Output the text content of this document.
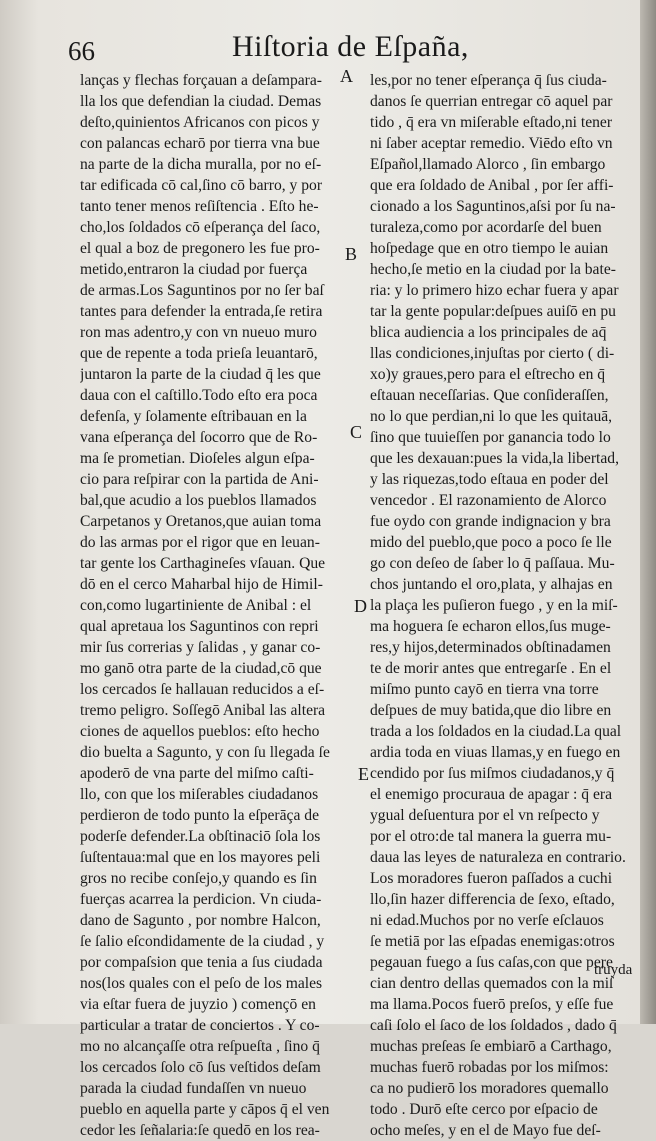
66	Hiſtoria de Eſpaña,
lanças y flechas forçauan a deſampara-
lla los que defendian la ciudad. Demas
deſto,quinientos Africanos con picos y
con palancas echarō por tierra vna bue
na parte de la dicha muralla, por no eſ-
tar edificada cō cal,ſino cō barro, y por
tanto tener menos reſiſtencia . Eſto he-
cho,los ſoldados cō eſperança del ſaco,
el qual a boz de pregonero les fue pro-
metido,entraron la ciudad por fuerça
de armas.Los Saguntinos por no ſer baſ
tantes para defender la entrada,ſe retira
ron mas adentro,y con vn nueuo muro
que de repente a toda prieſa leuantarō,
juntaron la parte de la ciudad q̄ les que
daua con el caſtillo.Todo eſto era poca
defenſa, y ſolamente eſtribauan en la
vana eſperança del ſocorro que de Ro-
ma ſe prometian. Dioſeles algun eſpa-
cio para reſpirar con la partida de Ani-
bal,que acudio a los pueblos llamados
Carpetanos y Oretanos,que auian toma
do las armas por el rigor que en leuan-
tar gente los Carthagineſes vſauan. Que
dō en el cerco Maharbal hijo de Himil-
con,como lugartiniente de Anibal : el
qual apretaua los Saguntinos con repri
mir ſus correrias y ſalidas , y ganar co-
mo ganō otra parte de la ciudad,cō que
los cercados ſe hallauan reducidos a eſ-
tremo peligro. Soſſegō Anibal las altera
ciones de aquellos pueblos: eſto hecho
dio buelta a Sagunto, y con ſu llegada ſe
apoderō de vna parte del miſmo caſti-
llo, con que los miſerables ciudadanos
perdieron de todo punto la eſperāça de
poderſe defender.La obſtinaciō ſola los
ſuſtentaua:mal que en los mayores peli
gros no recibe conſejo,y quando es ſin
fuerças acarrea la perdicion. Vn ciuda-
dano de Sagunto , por nombre Halcon,
ſe ſalio eſcondidamente de la ciudad , y
por compaſsion que tenia a ſus ciudada
nos(los quales con el peſo de los males
via eſtar fuera de juyzio ) començō en
particular a tratar de conciertos . Y co-
mo no alcançaſſe otra reſpueſta , ſino q̄
los cercados ſolo cō ſus veſtidos deſam
parada la ciudad fundaſſen vn nueuo
pueblo en aquella parte y cāpos q̄ el ven
cedor les ſeñalaria:ſe quedō en los rea-
les,por no tener eſperança q̄ ſus ciuda-
danos ſe querrian entregar cō aquel par
tido , q̄ era vn miſerable eſtado,ni tener
ni ſaber aceptar remedio. Viēdo eſto vn
Eſpañol,llamado Alorco , ſin embargo
que era ſoldado de Anibal , por ſer affi-
cionado a los Saguntinos,aſsi por ſu na-
turaleza,como por acordarſe del buen
hoſpedage que en otro tiempo le auian
hecho,ſe metio en la ciudad por la bate-
ria: y lo primero hizo echar fuera y apar
tar la gente popular:deſpues auiſō en pu
blica audiencia a los principales de aq̄
llas condiciones,injuſtas por cierto ( di-
xo)y graues,pero para el eſtrecho en q̄
eſtauan neceſſarias. Que conſideraſſen,
no lo que perdian,ni lo que les quitauā,
ſino que tuuieſſen por ganancia todo lo
que les dexauan:pues la vida,la libertad,
y las riquezas,todo eſtaua en poder del
vencedor . El razonamiento de Alorco
fue oydo con grande indignacion y bra
mido del pueblo,que poco a poco ſe lle
go con deſeo de ſaber lo q̄ paſſaua. Mu-
chos juntando el oro,plata, y alhajas en
la plaça les puſieron fuego , y en la miſ-
ma hoguera ſe echaron ellos,ſus muge-
res,y hijos,determinados obſtinadamen
te de morir antes que entregarſe . En el
miſmo punto cayō en tierra vna torre
deſpues de muy batida,que dio libre en
trada a los ſoldados en la ciudad.La qual
ardia toda en viuas llamas,y en fuego en
cendido por ſus miſmos ciudadanos,y q̄
el enemigo procuraua de apagar : q̄ era
ygual deſuentura por el vn reſpecto y
por el otro:de tal manera la guerra mu-
daua las leyes de naturaleza en contrario.
Los moradores fueron paſſados a cuchi
llo,ſin hazer differencia de ſexo, eſtado,
ni edad.Muchos por no verſe eſclauos
ſe metiā por las eſpadas enemigas:otros
pegauan fuego a ſus caſas,con que pere
cian dentro dellas quemados con la miſ
ma llama.Pocos fuerō preſos, y eſſe fue
caſi ſolo el ſaco de los ſoldados , dado q̄
muchas preſeas ſe embiarō a Carthago,
muchas fuerō robadas por los miſmos:
ca no pudierō los moradores quemallo
todo . Durō eſte cerco por eſpacio de
ocho meſes, y en el de Mayo fue deſ-
A
B
C
D
E
truyda
